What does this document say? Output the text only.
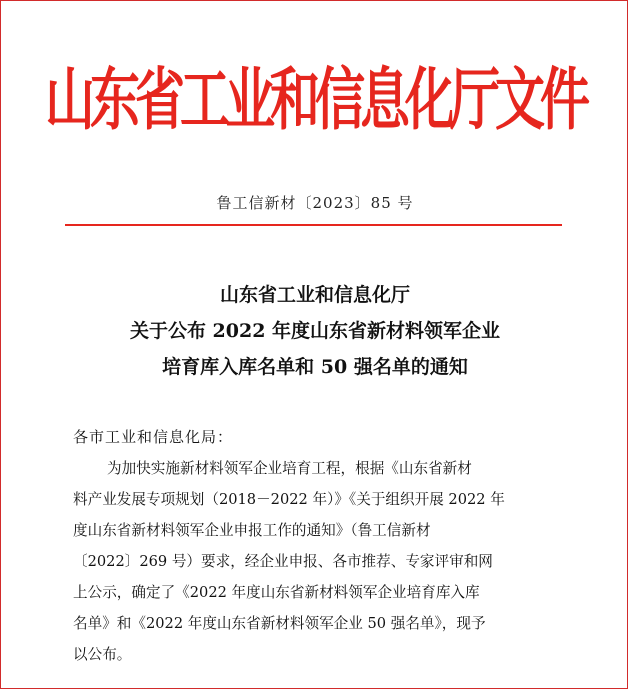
山东省工业和信息化厅文件
鲁工信新材〔2023〕85 号
山东省工业和信息化厅
关于公布 2022 年度山东省新材料领军企业
培育库入库名单和 50 强名单的通知
各市工业和信息化局：
为加快实施新材料领军企业培育工程，根据《山东省新材
料产业发展专项规划（2018－2022 年）》《关于组织开展 2022 年
度山东省新材料领军企业申报工作的通知》（鲁工信新材
〔2022〕269 号）要求，经企业申报、各市推荐、专家评审和网
上公示，确定了《2022 年度山东省新材料领军企业培育库入库
名单》和《2022 年度山东省新材料领军企业 50 强名单》，现予
以公布。
